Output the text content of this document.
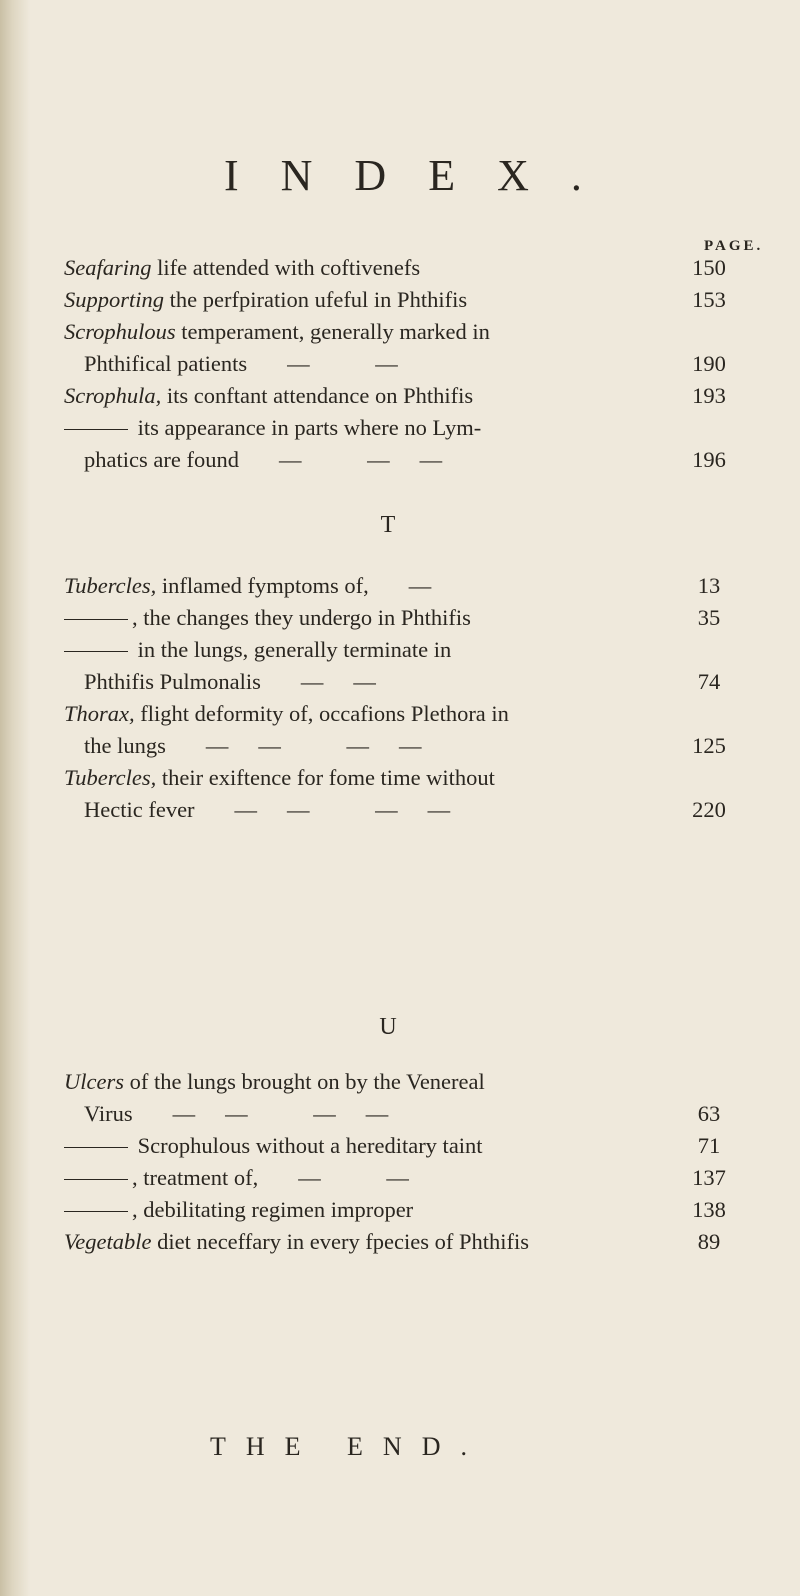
INDEX.
PAGE.
Seafaring life attended with coftivenefs	150
Supporting the perfpiration ufeful in Phthifis	153
Scrophulous temperament, generally marked in
Phthifical patients — —	190
Scrophula, its conftant attendance on Phthifis	193
its appearance in parts where no Lym-
phatics are found — ——	196
T
Tubercles, inflamed fymptoms of, —	13
, the changes they undergo in Phthifis	35
in the lungs, generally terminate in
Phthifis Pulmonalis ——	74
Thorax, flight deformity of, occafions Plethora in
the lungs —— ——	125
Tubercles, their exiftence for fome time without
Hectic fever —— ——	220
U
Ulcers of the lungs brought on by the Venereal
Virus —— ——	63
Scrophulous without a hereditary taint	71
, treatment of, — —	137
, debilitating regimen improper	138
Vegetable diet neceffary in every fpecies of Phthifis	89
THE END.
